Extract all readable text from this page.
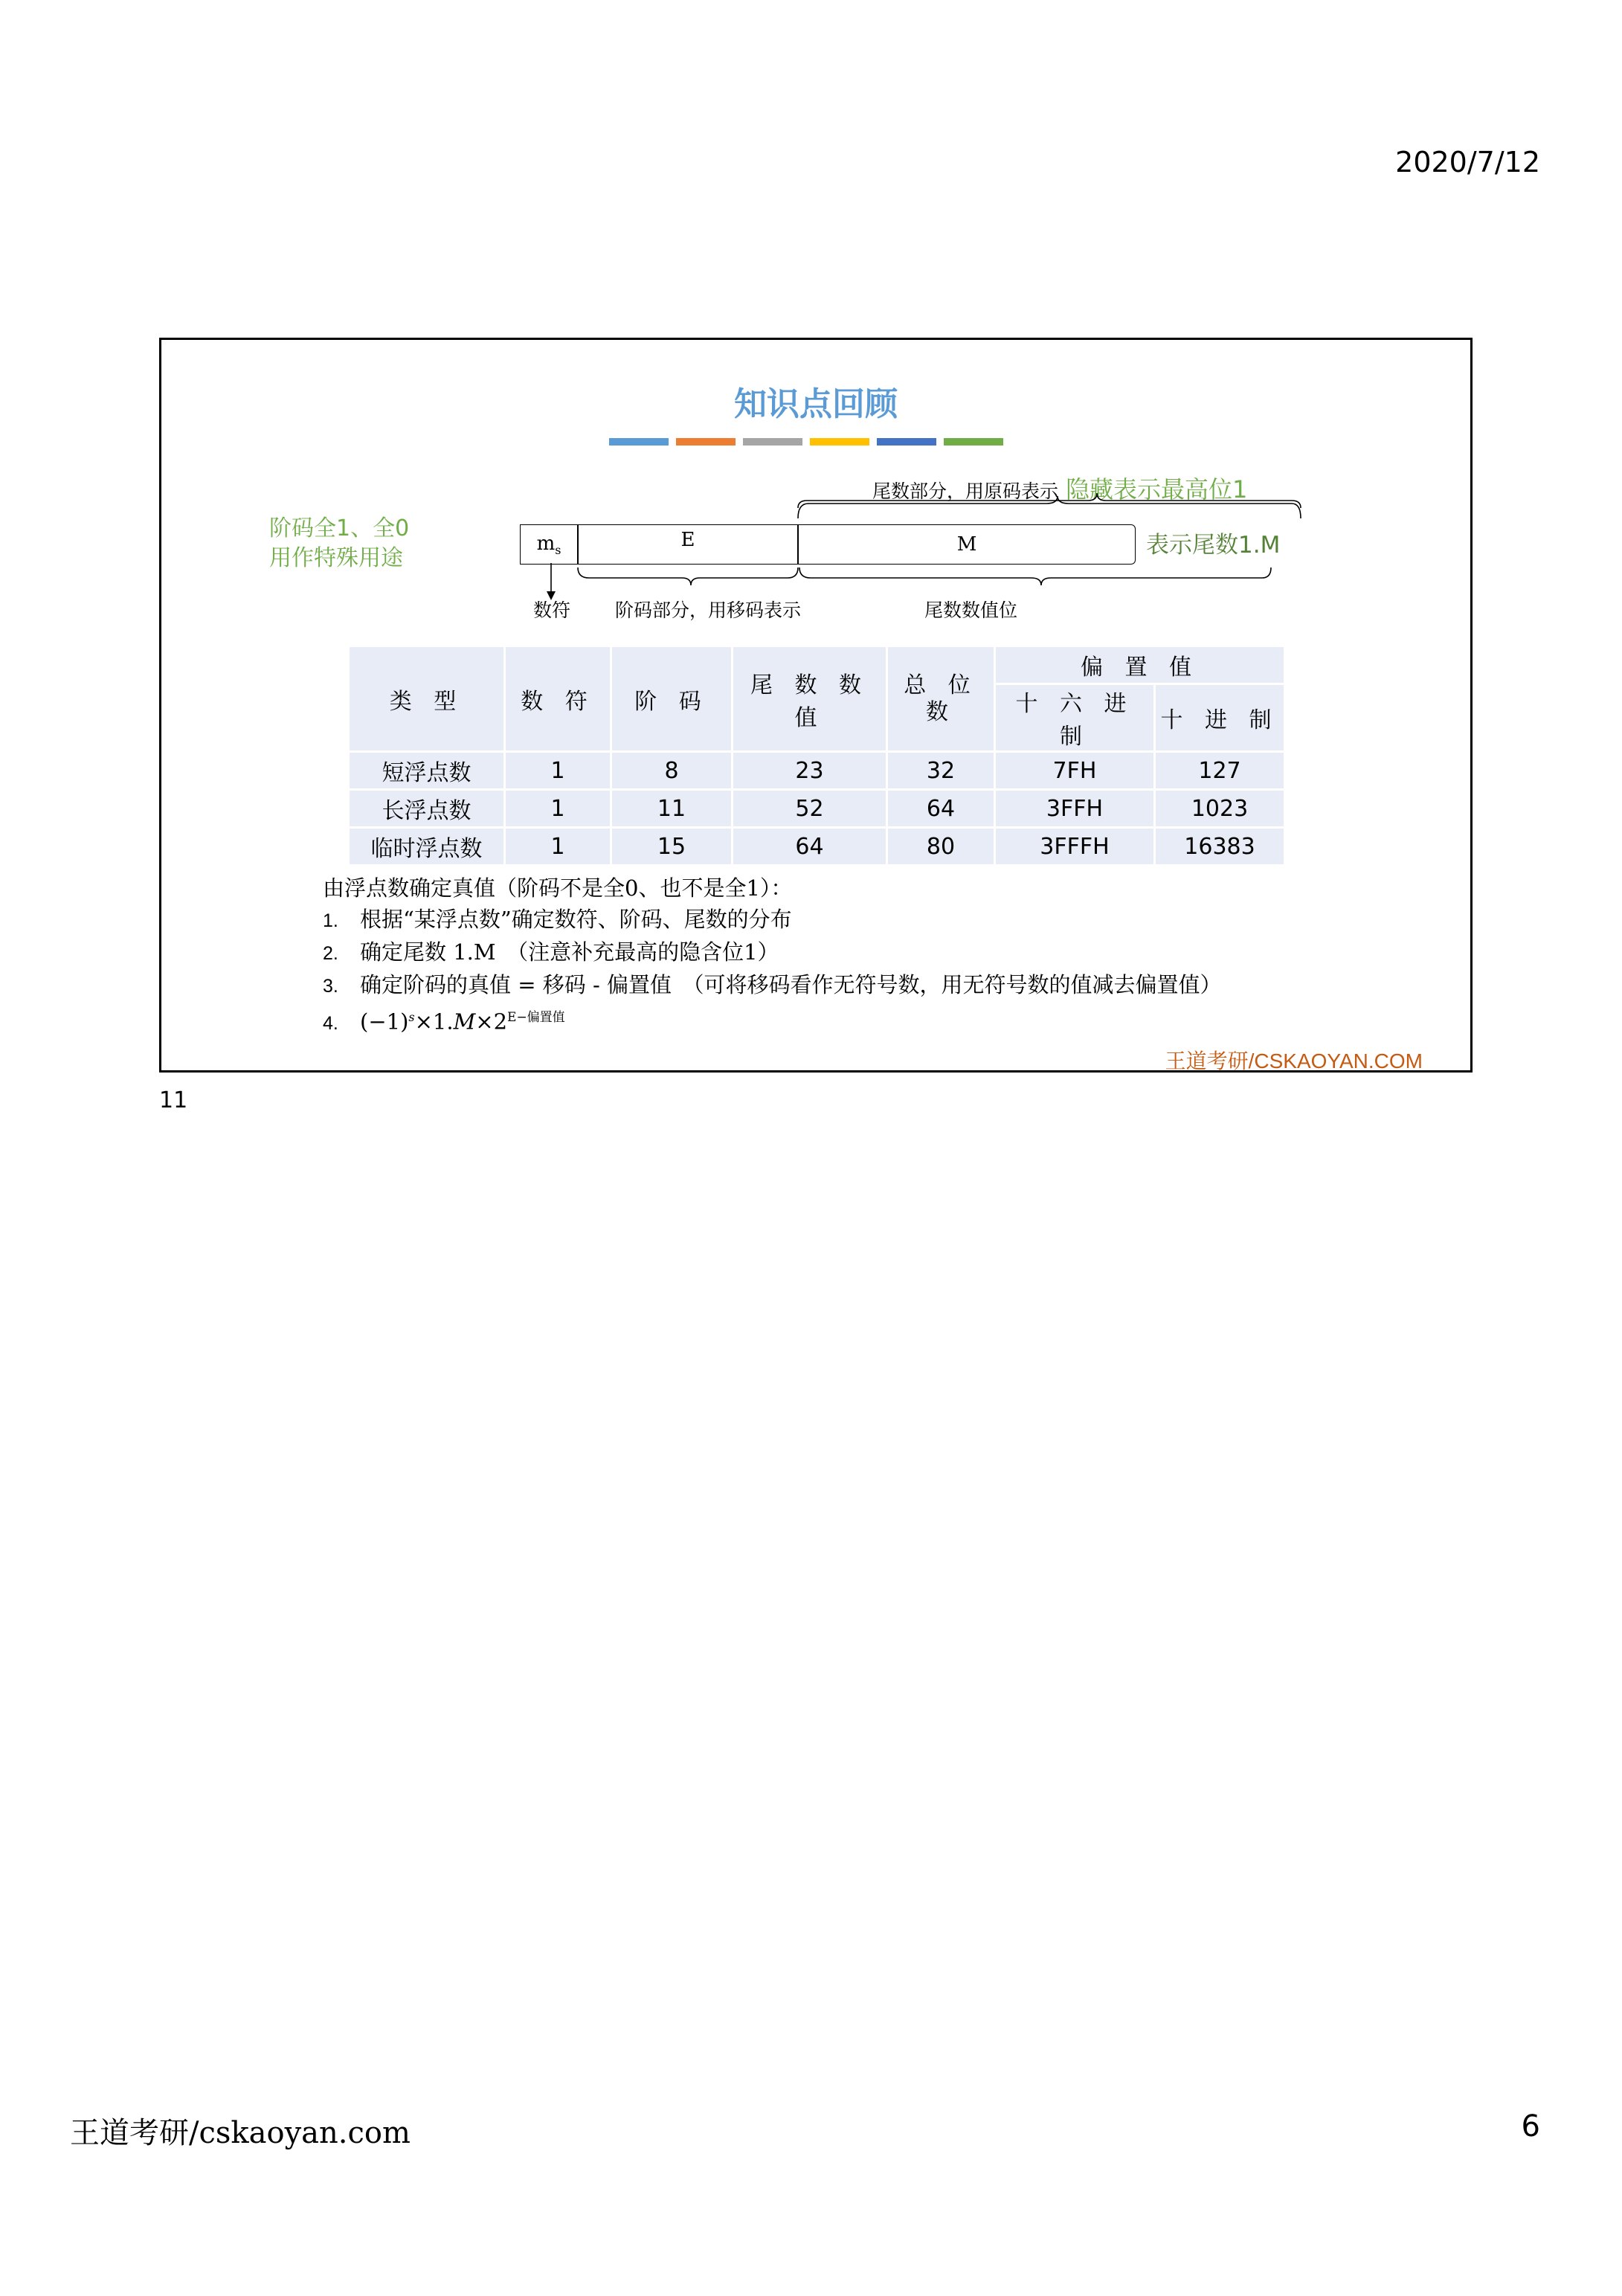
2020/7/12
知识点回顾
阶码全1、全0
用作特殊用途
尾数部分，用原码表示 隐藏表示最高位1
表示尾数1.M
$m_s$	E	M
数符 阶码部分，用移码表示	尾数数值位
类 型	数 符	阶 码	尾 数 数 值	总 位 数	偏 置 值	
					十 六 进 制	十 进 制
短浮点数	1	8	23	32	7FH	127
长浮点数	1	11	52	64	3FFH	1023
临时浮点数	1	15	64	80	3FFFH	16383
由浮点数确定真值（阶码不是全0、也不是全1）：
1. 根据“某浮点数”确定数符、阶码、尾数的分布
2. 确定尾数 1.M　（注意补充最高的隐含位1）
3. 确定阶码的真值 = 移码 - 偏置值　（可将移码看作无符号数，用无符号数的值减去偏置值）
4. $(-1)^s\times 1.M\times 2^{E-偏置值}$
王道考研/CSKAOYAN.COM
11
王道考研/cskaoyan.com	6
